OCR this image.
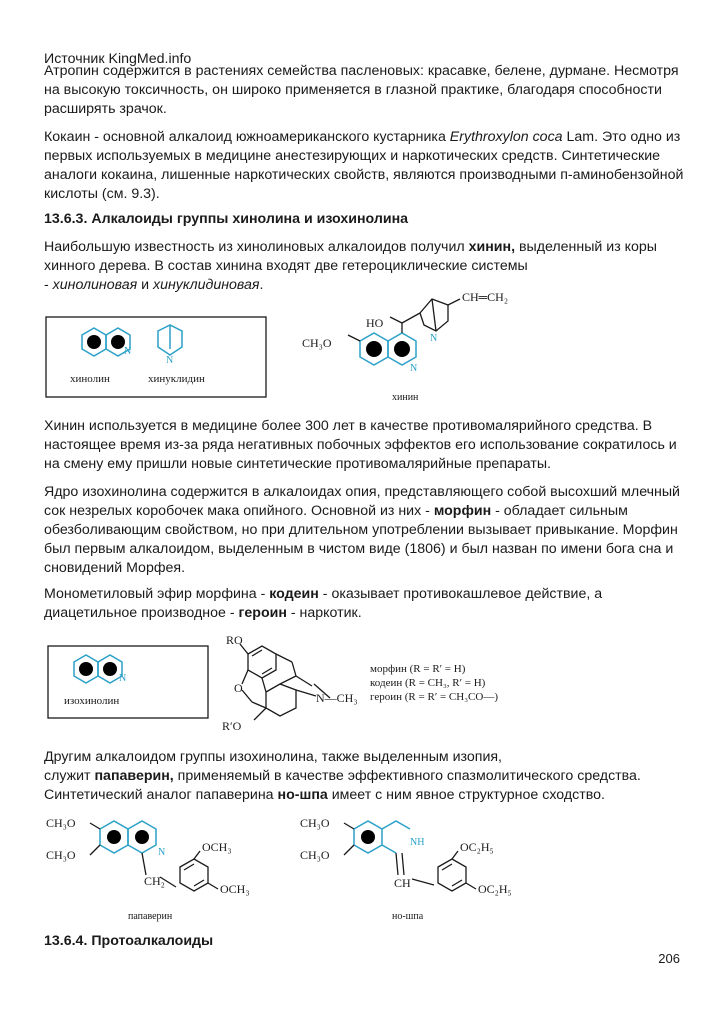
Источник KingMed.info

Атропин содержится в растениях семейства пасленовых: красавке, белене, дурмане. Несмотря на высокую токсичность, он широко применяется в глазной практике, благодаря способности расширять зрачок.

Кокаин - основной алкалоид южноамериканского кустарника Erythroxylon coca Lam. Это одно из первых используемых в медицине анестезирующих и наркотических средств. Синтетические аналоги кокаина, лишенные наркотических свойств, являются производными п-аминобензойной кислоты (см. 9.3).

13.6.3. Алкалоиды группы хинолина и изохинолина

Наибольшую известность из хинолиновых алкалоидов получил хинин, выделенный из коры хинного дерева. В состав хинина входят две гетероциклические системы
- хинолиновая и хинуклидиновая.

N
хинолин
N
хинуклидин
N
HO
N
CH═CH₂
CH₃O
хинин

Хинин используется в медицине более 300 лет в качестве противомалярийного средства. В настоящее время из-за ряда негативных побочных эффектов его использование сократилось и на смену ему пришли новые синтетические противомалярийные препараты.

Ядро изохинолина содержится в алкалоидах опия, представляющего собой высохший млечный сок незрелых коробочек мака опийного. Основной из них - морфин - обладает сильным обезболивающим свойством, но при длительном употреблении вызывает привыкание. Морфин был первым алкалоидом, выделенным в чистом виде (1806) и был назван по имени бога сна и сновидений Морфея.

Монометиловый эфир морфина - кодеин - оказывает противокашлевое действие, а диацетильное производное - героин - наркотик.

N
изохинолин
RO
O
N—CH₃
R′O
морфин (R = R′ = H)
кодеин (R = CH₃, R′ = H)
героин (R = R′ = CH₃CO—)

Другим алкалоидом группы изохинолина, также выделенным изопия,
служит папаверин, применяемый в качестве эффективного спазмолитического средства. Синтетический аналог папаверина но-шпа имеет с ним явное структурное сходство.

N
CH₃O
CH₃O
CH₂
OCH₃
OCH₃
папаверин
NH
CH₃O
CH₃O
CH
OC₂H₅
OC₂H₅
но-шпа
13.6.4. Протоалкалоиды
206
